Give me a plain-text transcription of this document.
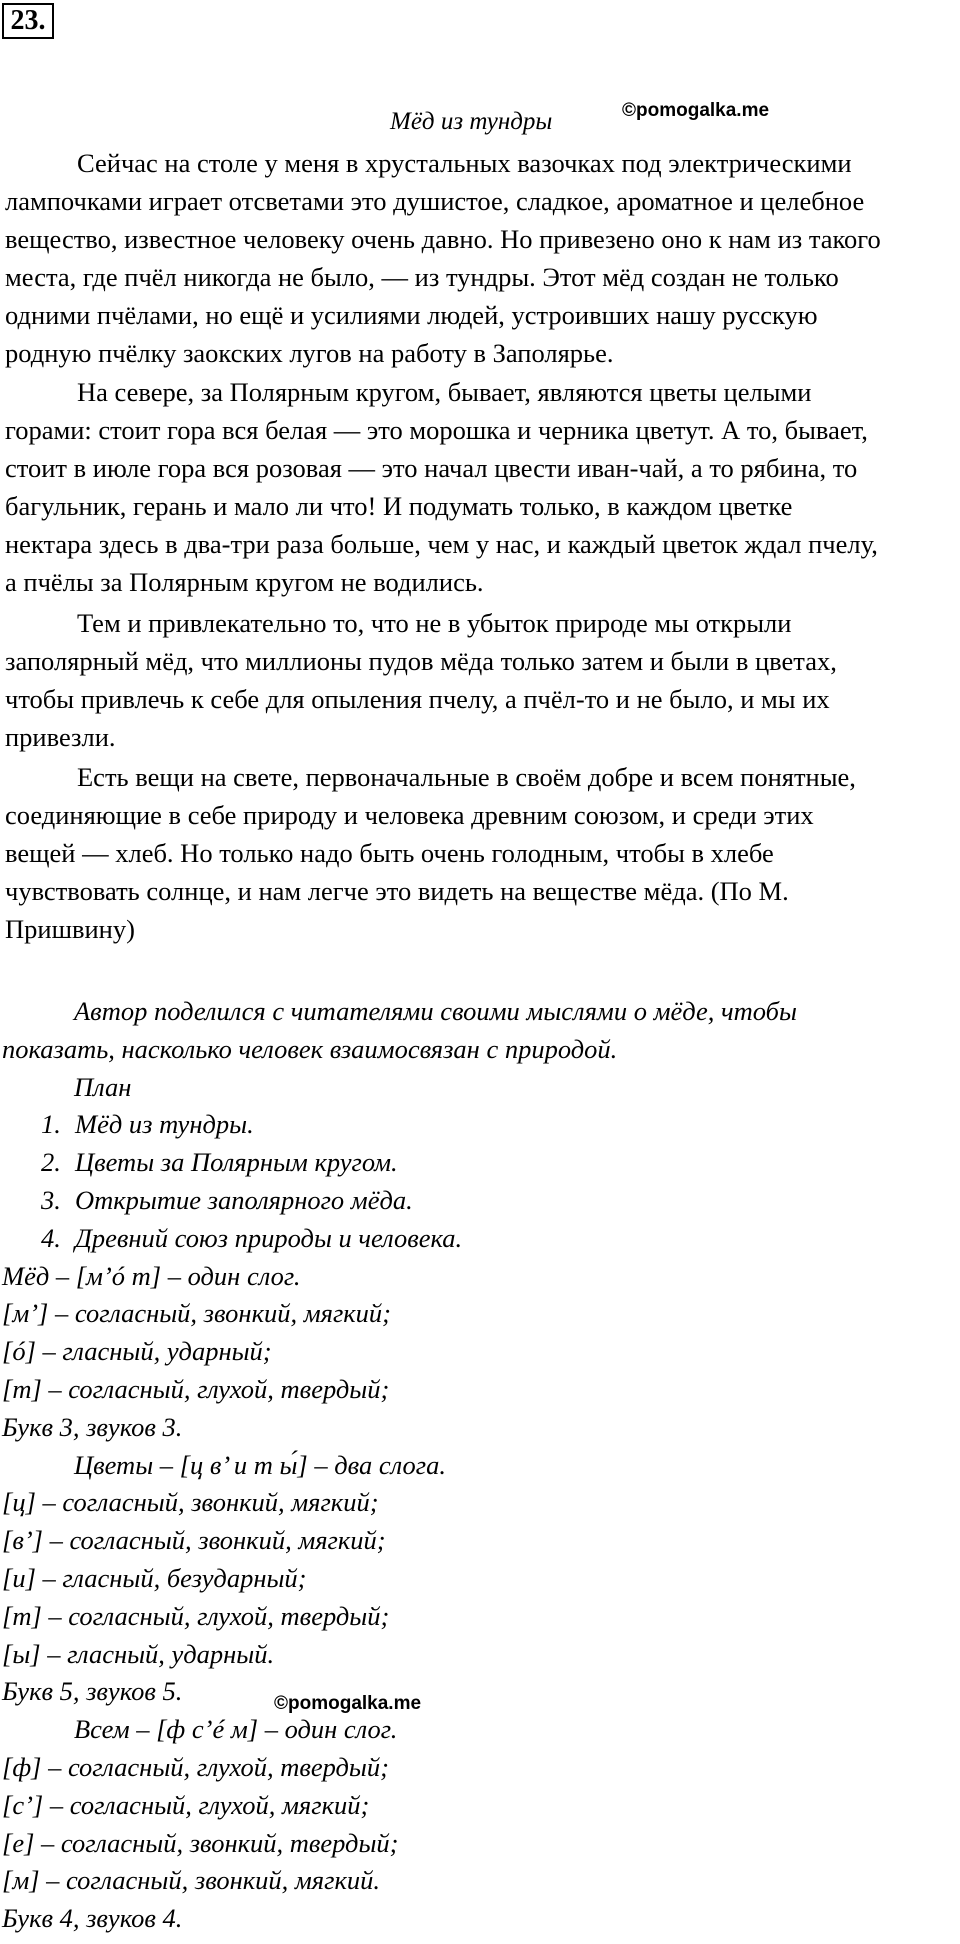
23.
©pomogalka.me
Мёд из тундры
Сейчас на столе у меня в хрустальных вазочках под электрическими
лампочками играет отсветами это душистое, сладкое, ароматное и целебное
вещество, известное человеку очень давно. Но привезено оно к нам из такого
места, где пчёл никогда не было, — из тундры. Этот мёд создан не только
одними пчёлами, но ещё и усилиями людей, устроивших нашу русскую
родную пчёлку заокских лугов на работу в Заполярье.
На севере, за Полярным кругом, бывает, являются цветы целыми
горами: стоит гора вся белая — это морошка и черника цветут. А то, бывает,
стоит в июле гора вся розовая — это начал цвести иван-чай, а то рябина, то
багульник, герань и мало ли что! И подумать только, в каждом цветке
нектара здесь в два-три раза больше, чем у нас, и каждый цветок ждал пчелу,
а пчёлы за Полярным кругом не водились.
Тем и привлекательно то, что не в убыток природе мы открыли
заполярный мёд, что миллионы пудов мёда только затем и были в цветах,
чтобы привлечь к себе для опыления пчелу, а пчёл-то и не было, и мы их
привезли.
Есть вещи на свете, первоначальные в своём добре и всем понятные,
соединяющие в себе природу и человека древним союзом, и среди этих
вещей — хлеб. Но только надо быть очень голодным, чтобы в хлебе
чувствовать солнце, и нам легче это видеть на веществе мёда. (По М.
Пришвину)
Автор поделился с читателями своими мыслями о мёде, чтобы
показать, насколько человек взаимосвязан с природой.
План
1. Мёд из тундры.
2. Цветы за Полярным кругом.
3. Открытие заполярного мёда.
4. Древний союз природы и человека.
Мёд – [м’ó т] – один слог.
[м’] – согласный, звонкий, мягкий;
[ó] – гласный, ударный;
[т] – согласный, глухой, твердый;
Букв 3, звуков 3.
Цветы – [ц в’ и т ы́] – два слога.
[ц] – согласный, звонкий, мягкий;
[в’] – согласный, звонкий, мягкий;
[и] – гласный, безударный;
[т] – согласный, глухой, твердый;
[ы] – гласный, ударный.
Букв 5, звуков 5.
Всем – [ф с’é м] – один слог.
[ф] – согласный, глухой, твердый;
[с’] – согласный, глухой, мягкий;
[е] – согласный, звонкий, твердый;
[м] – согласный, звонкий, мягкий.
Букв 4, звуков 4.
©pomogalka.me
